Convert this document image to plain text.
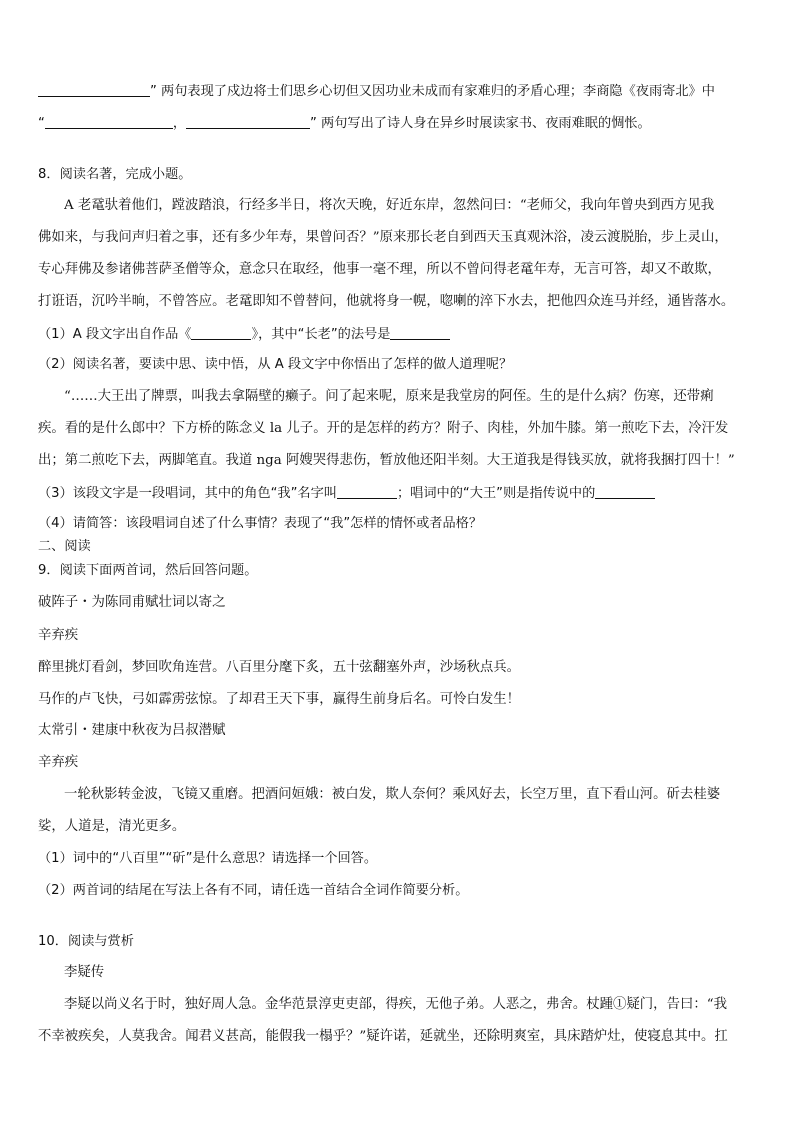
” 两句表现了戍边将士们思乡心切但又因功业未成而有家难归的矛盾心理；李商隐《夜雨寄北》中
“	，	” 两句写出了诗人身在异乡时展读家书、夜雨难眠的惆怅。
8．阅读名著，完成小题。
A 老鼋驮着他们，蹚波踏浪，行经多半日，将次天晚，好近东岸，忽然问曰：“老师父，我向年曾央到西方见我
佛如来，与我问声归着之事，还有多少年寿，果曾问否？”原来那长老自到西天玉真观沐浴，凌云渡脱胎，步上灵山，
专心拜佛及参诸佛菩萨圣僧等众，意念只在取经，他事一毫不理，所以不曾问得老鼋年寿，无言可答，却又不敢欺，
打诳语，沉吟半晌，不曾答应。老鼋即知不曾替问，他就将身一幌，唿喇的淬下水去，把他四众连马并经，通皆落水。
（1）A 段文字出自作品《	》，其中“长老”的法号是
（2）阅读名著，要读中思、读中悟，从 A 段文字中你悟出了怎样的做人道理呢？
“……大王出了牌票，叫我去拿隔壁的癞子。问了起来呢，原来是我堂房的阿侄。生的是什么病？伤寒，还带痢
疾。看的是什么郎中？下方桥的陈念义 la 儿子。开的是怎样的药方？附子、肉桂，外加牛膝。第一煎吃下去，冷汗发
出；第二煎吃下去，两脚笔直。我道 nga 阿嫂哭得悲伤，暂放他还阳半刻。大王道我是得钱买放，就将我捆打四十！”
（3）该段文字是一段唱词，其中的角色“我”名字叫	；唱词中的“大王”则是指传说中的
（4）请简答：该段唱词自述了什么事情？表现了“我”怎样的情怀或者品格？
二、阅读
9．阅读下面两首词，然后回答问题。
破阵子・为陈同甫赋壮词以寄之
辛弃疾
醉里挑灯看剑，梦回吹角连营。八百里分麾下炙，五十弦翻塞外声，沙场秋点兵。
马作的卢飞快，弓如霹雳弦惊。了却君王天下事，赢得生前身后名。可怜白发生！
太常引・建康中秋夜为吕叔潜赋
辛弃疾
一轮秋影转金波，飞镜又重磨。把酒问姮娥：被白发，欺人奈何？乘风好去，长空万里，直下看山河。斫去桂婆
娑，人道是，清光更多。
（1）词中的“八百里”“斫”是什么意思？请选择一个回答。
（2）两首词的结尾在写法上各有不同，请任选一首结合全词作简要分析。
10．阅读与赏析
李疑传
李疑以尚义名于时，独好周人急。金华范景淳吏吏部，得疾，无他子弟。人恶之，弗舍。杖踵①疑门，告曰：“我
不幸被疾矣，人莫我舍。闻君义甚高，能假我一榻乎？”疑许诺，延就坐，还除明爽室，具床踏炉灶，使寝息其中。扛
